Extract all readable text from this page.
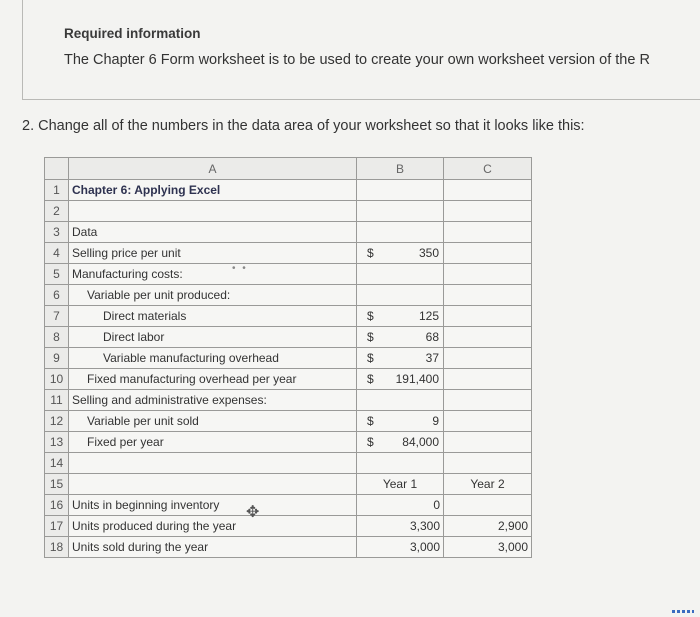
Required information
The Chapter 6 Form worksheet is to be used to create your own worksheet version of the R
2. Change all of the numbers in the data area of your worksheet so that it looks like this:
	A	B	C
1	Chapter 6: Applying Excel		
2			
3	Data		
4	Selling price per unit	$ 350	

5	Manufacturing costs:		
6	Variable per unit produced:		
7	Direct materials	$ 125	

8	Direct labor	$ 68	

9	Variable manufacturing overhead	$ 37	

10	Fixed manufacturing overhead per year	$ 191,400	

11	Selling and administrative expenses:		
12	Variable per unit sold	$ 9	

13	Fixed per year	$ 84,000	

14			
15		Year 1	Year 2
16	Units in beginning inventory	0	
17	Units produced during the year	3,300	2,900
18	Units sold during the year	3,000	3,000
• •
✥
